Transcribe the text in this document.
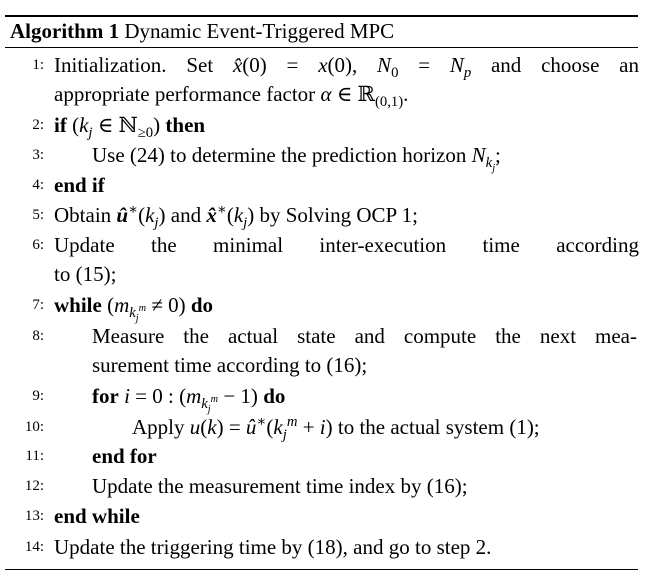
Algorithm 1 Dynamic Event-Triggered MPC
1: Initialization. Set x̂(0) = x(0), $N_0 = N_p$ and choose an
appropriate performance factor α ∈ ℝ$_{(0,1)}$.
2: if ($k_j$ ∈ ℕ$_{\ge 0}$) then
3: Use (24) to determine the prediction horizon $N_{k_j}$;
4: end if
5: Obtain $û^∗(k_j)$ and $x̂^∗(k_j)$ by Solving OCP 1;
6: Update the minimal inter-execution time according
to (15);
7: while $(m_{k_j^m} \ne 0)$ do
8: Measure the actual state and compute the next mea-
surement time according to (16);
9: for i = 0 : $(m_{k_j^m} - 1)$ do
10:	Apply $u(k) = û^∗(k_j^m + i)$ to the actual system (1);
11: end for
12: Update the measurement time index by (16);
13: end while
14: Update the triggering time by (18), and go to step 2.
